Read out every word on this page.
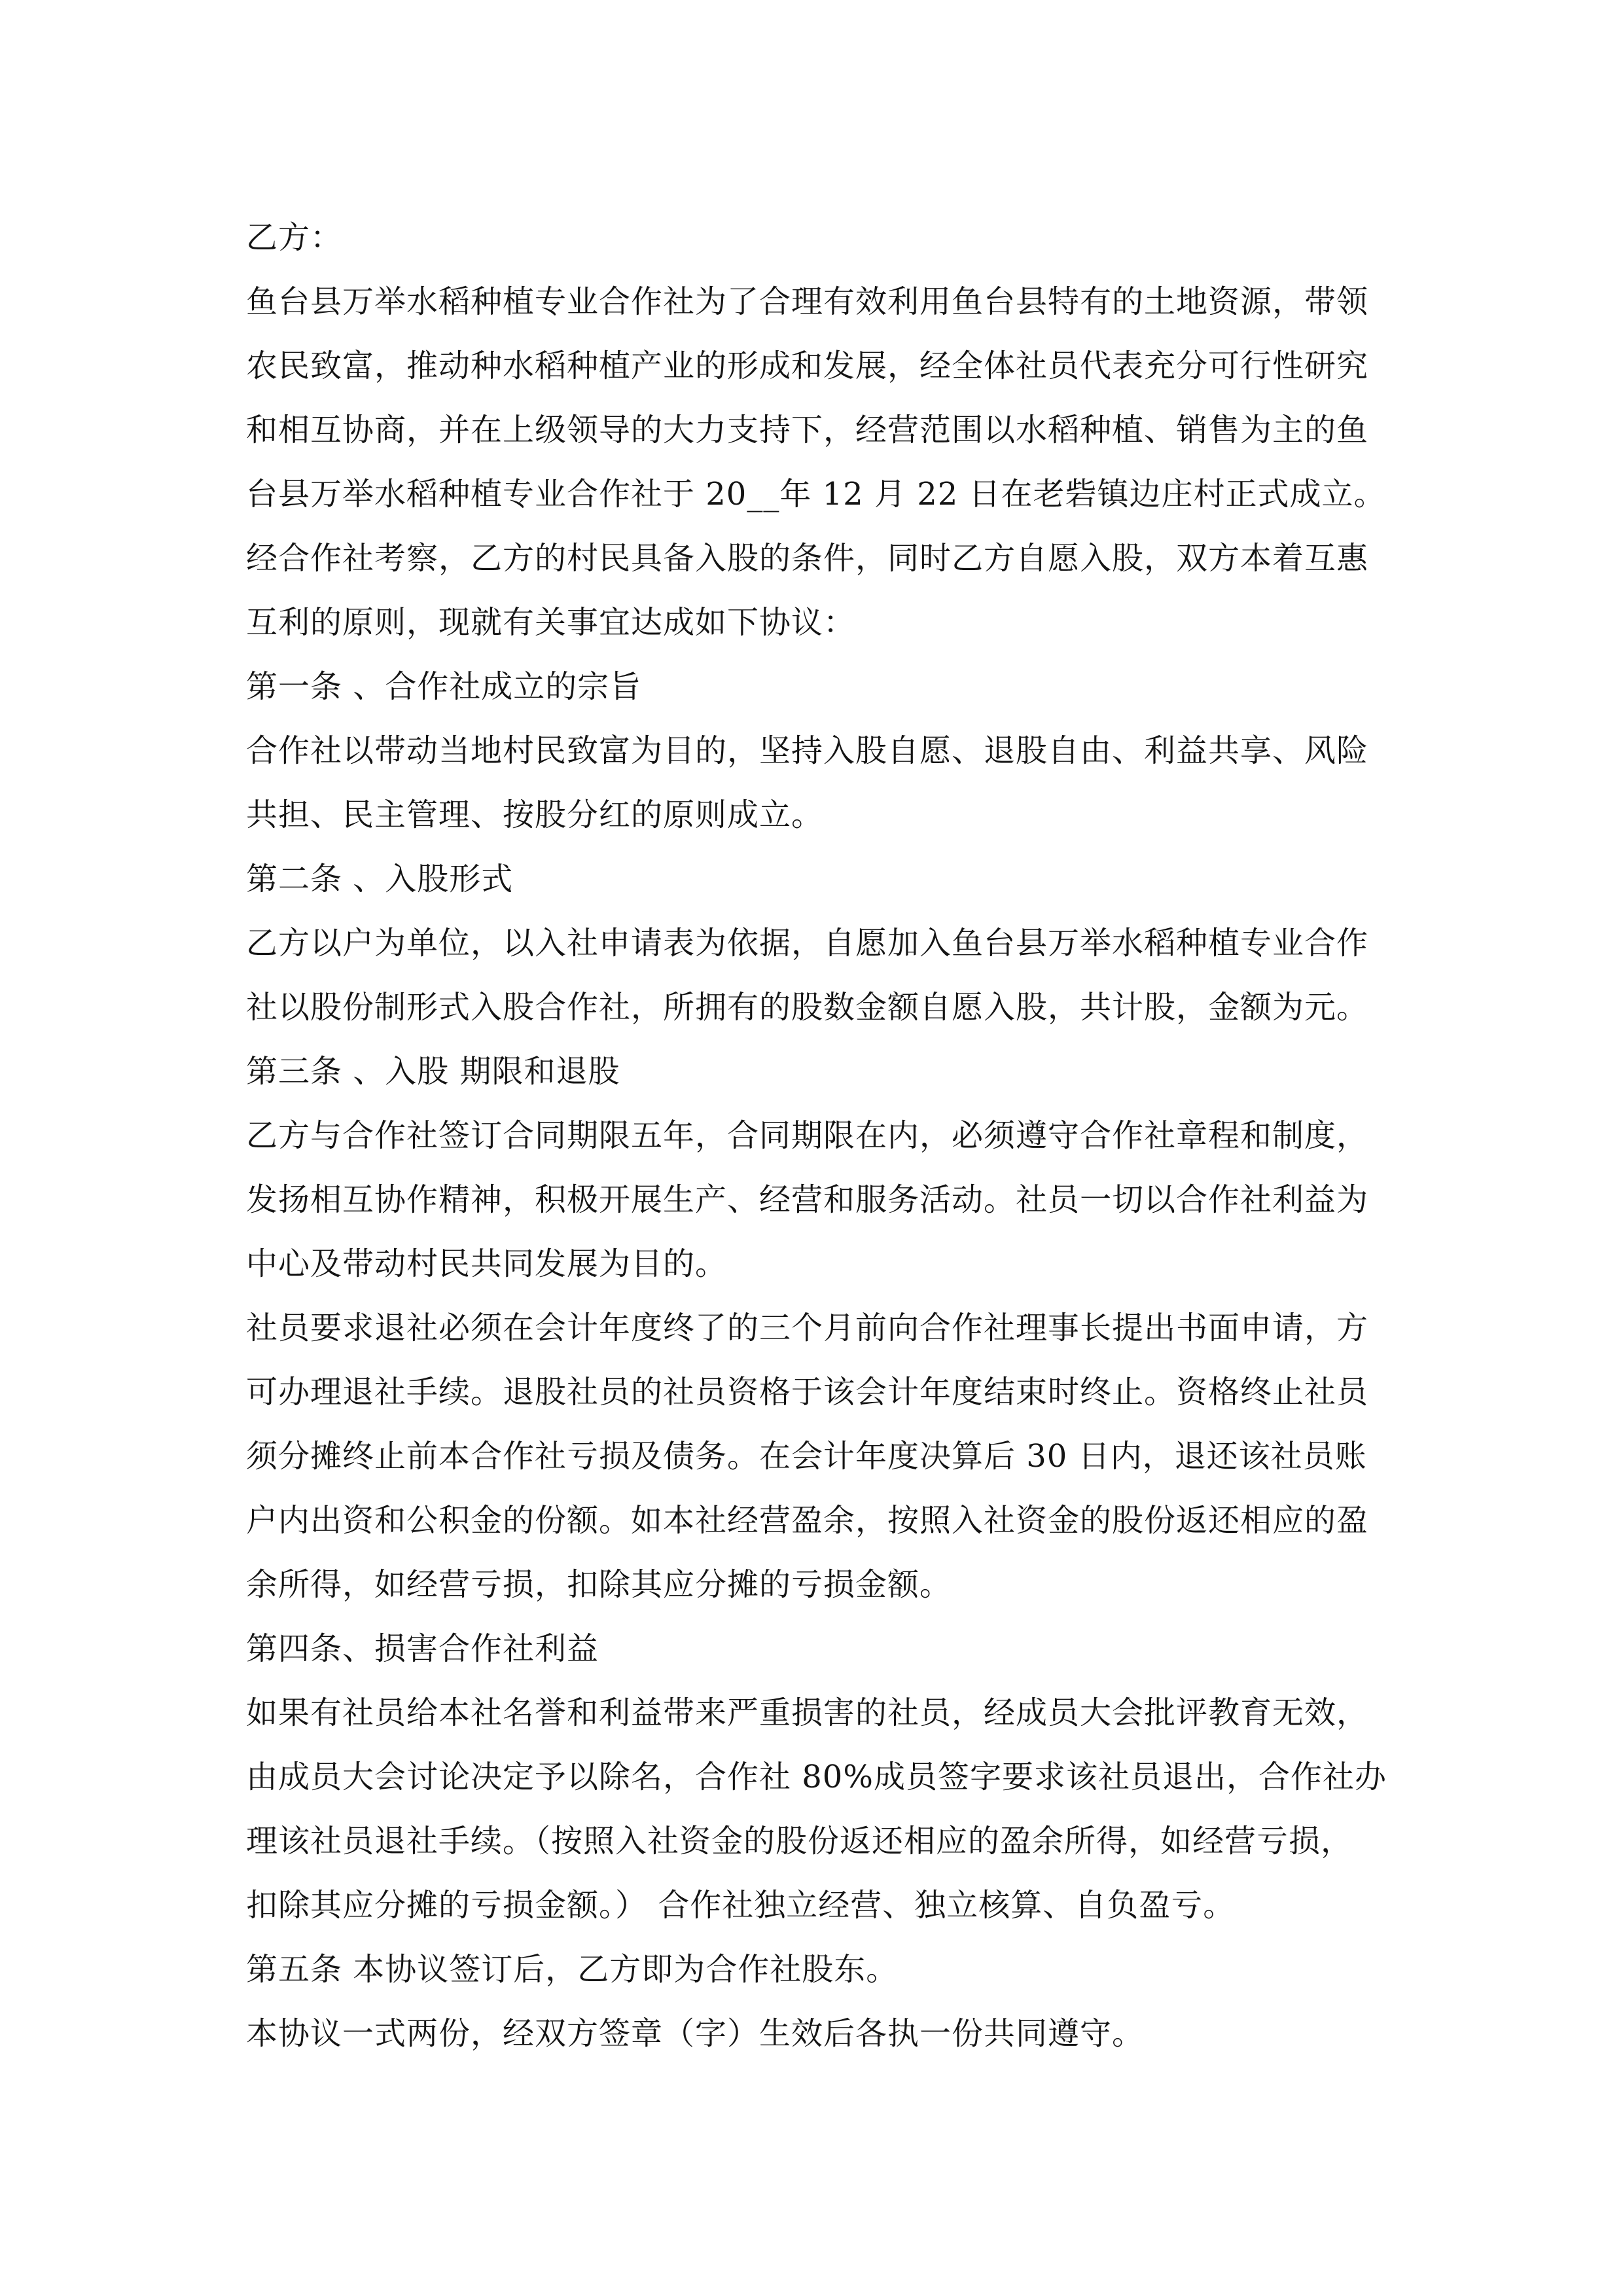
乙方：

鱼台县万举水稻种植专业合作社为了合理有效利用鱼台县特有的土地资源，带领
农民致富，推动种水稻种植产业的形成和发展，经全体社员代表充分可行性研究
和相互协商，并在上级领导的大力支持下，经营范围以水稻种植、销售为主的鱼
台县万举水稻种植专业合作社于 20__年 12 月 22 日在老砦镇边庄村正式成立。

经合作社考察，乙方的村民具备入股的条件，同时乙方自愿入股，双方本着互惠
互利的原则，现就有关事宜达成如下协议：

第一条 、合作社成立的宗旨

合作社以带动当地村民致富为目的，坚持入股自愿、退股自由、利益共享、风险
共担、民主管理、按股分红的原则成立。

第二条 、入股形式

乙方以户为单位，以入社申请表为依据，自愿加入鱼台县万举水稻种植专业合作
社以股份制形式入股合作社，所拥有的股数金额自愿入股，共计股，金额为元。

第三条 、入股 期限和退股

乙方与合作社签订合同期限五年，合同期限在内，必须遵守合作社章程和制度，
发扬相互协作精神，积极开展生产、经营和服务活动。社员一切以合作社利益为
中心及带动村民共同发展为目的。

社员要求退社必须在会计年度终了的三个月前向合作社理事长提出书面申请，方
可办理退社手续。退股社员的社员资格于该会计年度结束时终止。资格终止社员
须分摊终止前本合作社亏损及债务。在会计年度决算后 30 日内，退还该社员账
户内出资和公积金的份额。如本社经营盈余，按照入社资金的股份返还相应的盈
余所得，如经营亏损，扣除其应分摊的亏损金额。

第四条、损害合作社利益

如果有社员给本社名誉和利益带来严重损害的社员，经成员大会批评教育无效，
由成员大会讨论决定予以除名，合作社 80%成员签字要求该社员退出，合作社办
理该社员退社手续。（按照入社资金的股份返还相应的盈余所得，如经营亏损，
扣除其应分摊的亏损金额。） 合作社独立经营、独立核算、自负盈亏。

第五条 本协议签订后，乙方即为合作社股东。

本协议一式两份，经双方签章（字）生效后各执一份共同遵守。
